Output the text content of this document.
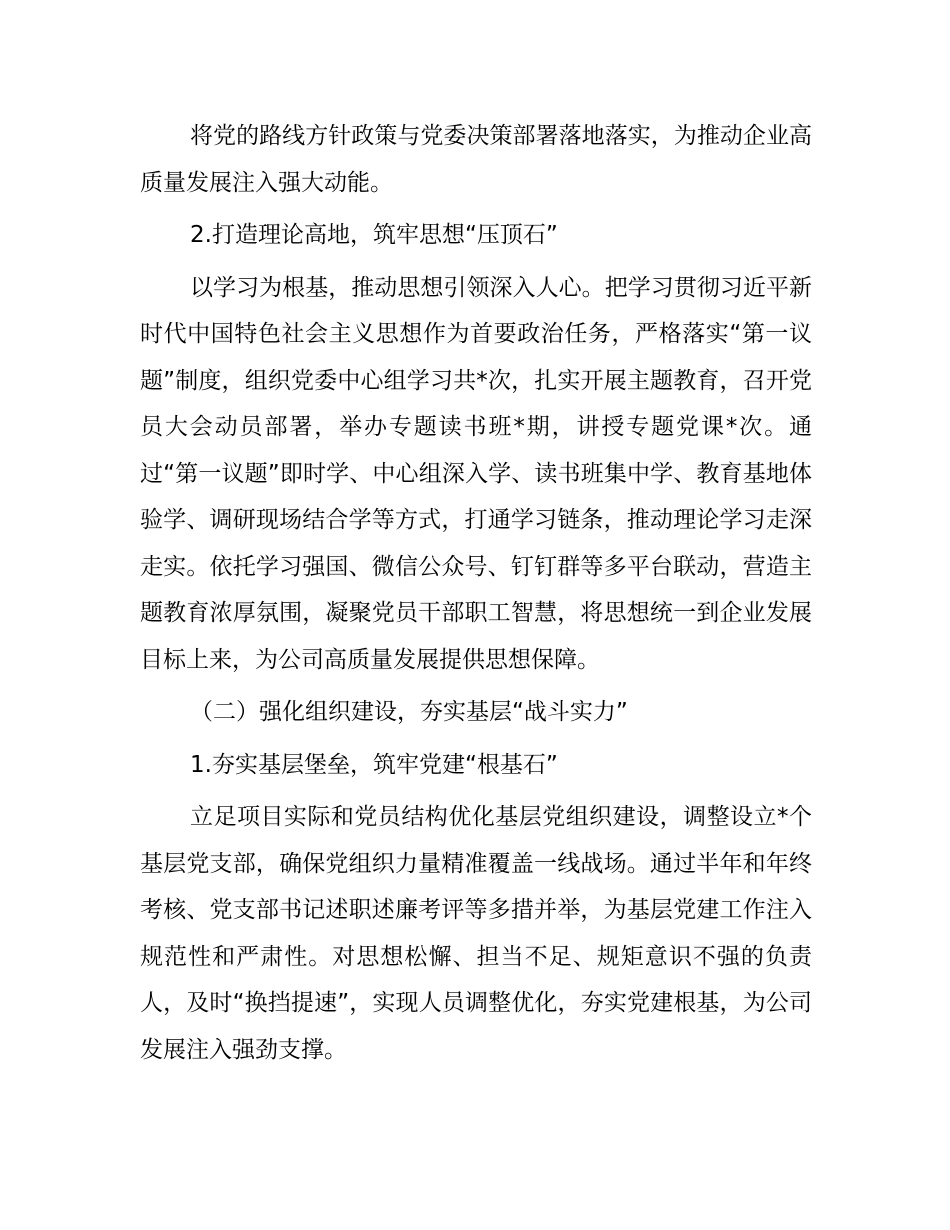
将党的路线方针政策与党委决策部署落地落实，为推动企业高质量发展注入强大动能。

2.打造理论高地，筑牢思想“压顶石”

以学习为根基，推动思想引领深入人心。把学习贯彻习近平新时代中国特色社会主义思想作为首要政治任务，严格落实“第一议题”制度，组织党委中心组学习共*次，扎实开展主题教育，召开党员大会动员部署，举办专题读书班*期，讲授专题党课*次。通过“第一议题”即时学、中心组深入学、读书班集中学、教育基地体验学、调研现场结合学等方式，打通学习链条，推动理论学习走深走实。依托学习强国、微信公众号、钉钉群等多平台联动，营造主题教育浓厚氛围，凝聚党员干部职工智慧，将思想统一到企业发展目标上来，为公司高质量发展提供思想保障。

（二）强化组织建设，夯实基层“战斗实力”

1.夯实基层堡垒，筑牢党建“根基石”

立足项目实际和党员结构优化基层党组织建设，调整设立*个基层党支部，确保党组织力量精准覆盖一线战场。通过半年和年终考核、党支部书记述职述廉考评等多措并举，为基层党建工作注入规范性和严肃性。对思想松懈、担当不足、规矩意识不强的负责人，及时“换挡提速”，实现人员调整优化，夯实党建根基，为公司发展注入强劲支撑。
